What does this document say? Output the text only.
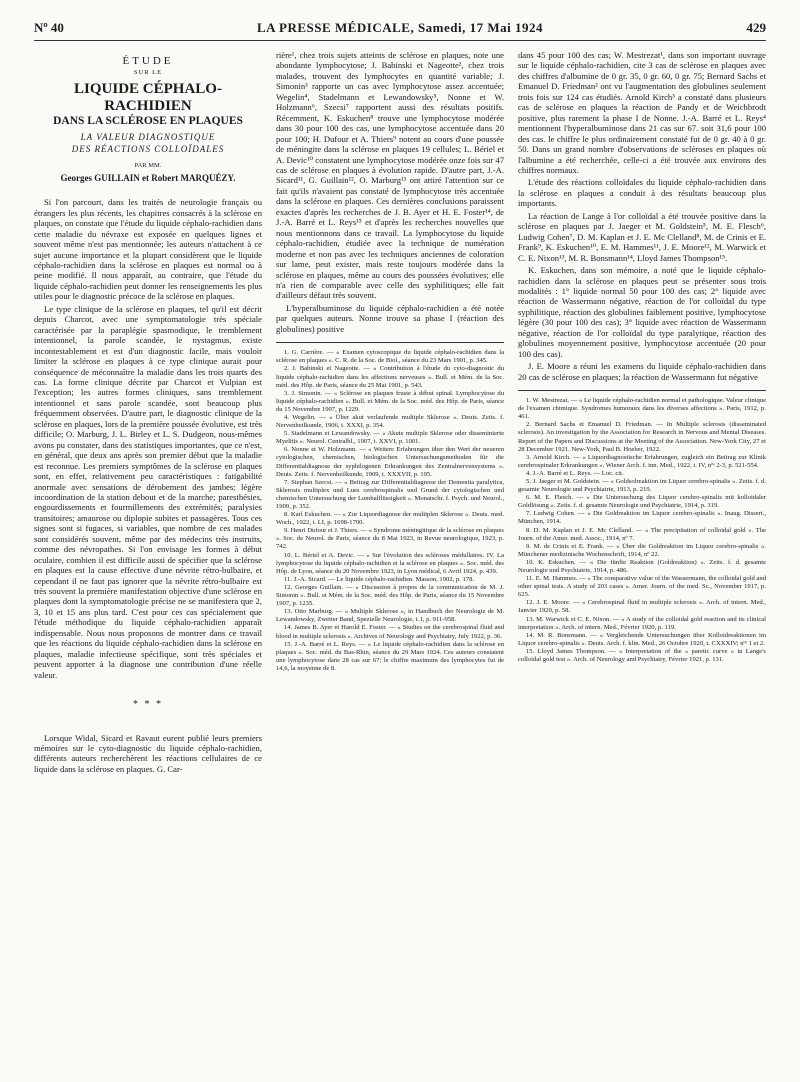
Nº 40	LA PRESSE MÉDICALE, Samedi, 17 Mai 1924	429
ÉTUDE
SUR LE
LIQUIDE CÉPHALO-RACHIDIEN
DANS LA SCLÉROSE EN PLAQUES
LA VALEUR DIAGNOSTIQUE
DES RÉACTIONS COLLOÏDALES
PAR MM.
Georges GUILLAIN et Robert MARQUÉZY.

Si l'on parcourt, dans les traités de neurologie français ou étrangers les plus récents, les chapitres consacrés à la sclérose en plaques, on constate que l'étude du liquide céphalo-rachidien dans cette maladie du névraxe est exposée en quelques lignes et souvent même n'est pas mentionnée; les auteurs n'attachent à ce sujet aucune importance et la plupart considèrent que le liquide céphalo-rachidien dans la sclérose en plaques est normal ou à peine modifié. Il nous apparaît, au contraire, que l'étude du liquide céphalo-rachidien peut donner les renseignements les plus utiles pour le diagnostic précoce de la sclérose en plaques.

Le type clinique de la sclérose en plaques, tel qu'il est décrit depuis Charcot, avec une symptomatologie très spéciale caractérisée par la paraplégie spasmodique, le tremblement intentionnel, la parole scandée, le nystagmus, existe incontestablement et est d'un diagnostic facile, mais vouloir limiter la sclérose en plaques à ce type clinique aurait pour conséquence de méconnaître la maladie dans les trois quarts des cas. La forme clinique décrite par Charcot et Vulpian est l'exception; les autres formes cliniques, sans tremblement intentionnel et sans parole scandée, sont beaucoup plus fréquemment observées. D'autre part, le diagnostic clinique de la sclérose en plaques, lors de la première poussée évolutive, est très difficile; O. Marburg, J. L. Birley et L. S. Dudgeon, nous-mêmes avons pu constater, dans des statistiques importantes, que ce n'est, en général, que deux ans après son premier début que la maladie est reconnue. Les premiers symptômes de la sclérose en plaques sont, en effet, relativement peu caractéristiques : fatigabilité anormale avec sensations de dérobement des jambes; légère incoordination de la station debout et de la marche; paresthésies, engourdissements et fourmillements des extrémités; paralysies transitoires; amaurose ou diplopie subites et passagères. Tous ces signes sont si fugaces, si variables, que nombre de ces malades sont considérés souvent, même par des médecins très instruits, comme des névropathes. Si l'on envisage les formes à début oculaire, combien il est difficile aussi de spécifier que la sclérose en plaques est la cause effective d'une névrite rétro-bulbaire, et cependant il ne faut pas ignorer que la névrite rétro-bulbaire est très souvent la première manifestation objective d'une sclérose en plaques dont la symptomatologie précise ne se manifestera que 2, 3, 10 et 15 ans plus tard. C'est pour ces cas spécialement que l'étude méthodique du liquide céphalo-rachidien apparaît indispensable. Nous nous proposons de montrer dans ce travail que les réactions du liquide céphalo-rachidien dans la sclérose en plaques, maladie infectieuse spécifique, sont très spéciales et peuvent apporter à la diagnose une contribution d'une réelle valeur.

* * *

Lorsque Widal, Sicard et Ravaut eurent publié leurs premiers mémoires sur le cyto-diagnostic du liquide céphalo-rachidien, différents auteurs recherchèrent les réactions cellulaires de ce liquide dans la sclérose en plaques. G. Car-

rière¹, chez trois sujets atteints de sclérose en plaques, note une abondante lymphocytose; J. Babinski et Nageotte², chez trois malades, trouvent des lymphocytes en quantité variable; J. Simonin³ rapporte un cas avec lymphocytose assez accentuée; Wegelin⁴, Stadelmann et Lewandowsky⁵, Nonne et W. Holzmann⁶, Szecsi⁷ rapportent aussi des résultats positifs. Récemment, K. Eskuchen⁸ trouve une lymphocytose modérée dans 30 pour 100 des cas, une lymphocytose accentuée dans 20 pour 100; H. Dufour et A. Thiers⁹ notent au cours d'une poussée de méningite dans la sclérose en plaques 19 cellules; L. Bériel et A. Devic¹⁰ constatent une lymphocytose modérée onze fois sur 47 cas de sclérose en plaques à évolution rapide. D'autre part, J.-A. Sicard¹¹, G. Guillain¹², O. Marburg¹³ ont attiré l'attention sur ce fait qu'ils n'avaient pas constaté de lymphocytose très accentuée dans la sclérose en plaques. Ces dernières conclusions paraissent exactes d'après les recherches de J. B. Ayer et H. E. Foster¹⁴, de J.-A. Barré et L. Reys¹⁵ et d'après les recherches nouvelles que nous mentionnons dans ce travail. La lymphocytose du liquide céphalo-rachidien, étudiée avec la technique de numération moderne et non pas avec les techniques anciennes de coloration sur lame, peut exister, mais reste toujours modérée dans la sclérose en plaques, même au cours des poussées évolutives; elle n'a rien de comparable avec celle des syphilitiques; elle fait d'ailleurs défaut très souvent.

L'hyperalbuminose du liquide céphalo-rachidien a été notée par quelques auteurs. Nonne trouve sa phase I (réaction des globulines) positive

1. G. Carrière. — « Examen cytoscopique du liquide céphalo-rachidien dans la sclérose en plaques ». C. R. de la Soc. de Biol., séance du 23 Mars 1901, p. 345.
2. J. Babinski et Nageotte. — « Contribution à l'étude du cyto-diagnostic du liquide céphalo-rachidien dans les affections nerveuses ». Bull. et Mém. de la Soc. méd. des Hôp. de Paris, séance du 25 Mai 1901, p. 543.
3. J. Simonin. — « Sclérose en plaques fruste à début spinal. Lymphocytose du liquide céphalo-rachidien ». Bull. et Mém. de la Soc. méd. des Hôp. de Paris, séance du 15 Novembre 1907, p. 1229.
4. Wegelin. — « Über akut verlaufende multiple Sklerose ». Deuts. Zeits. f. Nervenheilkunde, 1906, t. XXXI, p. 354.
5. Stadelmann et Lewandowsky. — « Akute multiple Sklerose oder disseminierte Myelitis ». Neurol. Centralbl., 1907, t. XXVI, p. 1001.
6. Nonne et W. Holzmann. — « Weitere Erfahrungen über den Wert der neueren cytologischen, chemischen, biologischen Untersuchungsmethoden für die Differentialdiagnose der syphilogenen Erkrankungen des Zentralnervensystems ». Deuts. Zeits. f. Nervenheilkunde, 1909, t. XXXVII, p. 195.
7. Stephan Szecsi. — « Beitrag zur Differentialdiagnose der Dementia paralytica, Sklerosis multiplex und Lues cerebrospinalis und Grund der cytologischen und chemischen Untersuchung der Lumbalflüssigkeit ». Monatschr. f. Psych. und Neurol., 1909, p. 352.
8. Karl Eskuchen. — « Zur Liquordiagnose der multiplen Sklerose ». Deuts. med. Woch., 1922, t. LI, p. 1698-1700.
9. Henri Dufour et J. Thiers. — « Syndrome méningitique de la sclérose en plaques ». Soc. de Neurol. de Paris, séance du 8 Mai 1923, in Revue neurologique, 1923, p. 742.
10. L. Bériel et A. Devic. — « Sur l'évolution des scléroses médullaires. IV. La lymphocytose du liquide céphalo-rachidien et la sclérose en plaques ». Soc. méd. des Hôp. de Lyon, séance du 20 Novembre 1923, in Lyon médical, 6 Avril 1924, p. 439.
11. J.-A. Sicard. — Le liquide céphalo-rachidien. Masson, 1902, p. 178.
12. Georges Guillain. — « Discussion à propos de la communication de M. J. Simonin ». Bull. et Mém. de la Soc. méd. des Hôp. de Paris, séance du 15 Novembre 1907, p. 1235.
13. Otto Marburg. — « Multiple Sklerose », in Handbuch der Neurologie de M. Lewandowsky, Zweiter Band, Spezielle Neurologie, t. I, p. 911-958.
14. James B. Ayer et Harold E. Foster. — « Studies on the cerebrospinal fluid and blood in multiple sclerosis ». Archives of Neurology and Psychiatry, July 1922, p. 36.
15. J.-A. Barré et L. Reys. — « Le liquide céphalo-rachidien dans la sclérose en plaques ». Soc. méd. du Bas-Rhin, séance du 29 Mars 1924. Ces auteurs constatent une lymphocytose dans 28 cas sur 67; le chiffre maximum des lymphocytes fut de 14,6, la moyenne de 8.

dans 45 pour 100 des cas; W. Mestrezat¹, dans son important ouvrage sur le liquide céphalo-rachidien, cite 3 cas de sclérose en plaques avec des chiffres d'albumine de 0 gr. 35, 0 gr. 60, 0 gr. 75; Bernard Sachs et Emanuel D. Friedman² ont vu l'augmentation des globulines seulement trois fois sur 124 cas étudiés. Arnold Kirch³ a constaté dans plusieurs cas de sclérose en plaques la réaction de Pandy et de Weichbrodt positive, plus rarement la phase I de Nonne. J.-A. Barré et L. Reys⁴ mentionnent l'hyperalbuminose dans 21 cas sur 67. soit 31,6 pour 100 des cas. le chiffre le plus ordinairement constaté fut de 0 gr. 40 à 0 gr. 50. Dans un grand nombre d'observations de scléroses en plaques où l'albumine a été recherchée, celle-ci a été trouvée aux environs des chiffres normaux.

L'étude des réactions colloïdales du liquide céphalo-rachidien dans la sclérose en plaques a conduit à des résultats beaucoup plus importants.

La réaction de Lange à l'or colloïdal a été trouvée positive dans la sclérose en plaques par J. Jaeger et M. Goldstein⁵, M. E. Flesch⁶, Ludwig Cohen⁷, D. M. Kaplan et J. E. Mc Clelland⁸, M. de Crinis et E. Frank⁹, K. Eskuchen¹⁰, E. M. Hammes¹¹, J. E. Moore¹², M. Warwick et C. E. Nixon¹³, M. R. Bonsmann¹⁴, Lloyd James Thompson¹⁵.

K. Eskuchen, dans son mémoire, a noté que le liquide céphalo-rachidien dans la sclérose en plaques peut se présenter sous trois modalités : 1° liquide normal 50 pour 100 des cas; 2° liquide avec réaction de Wassermann négative, réaction de l'or colloïdal du type syphilitique, réaction des globulines faiblement positive, lymphocytose légère (30 pour 100 des cas); 3° liquide avec réaction de Wassermann négative, réaction de l'or colloïdal du type paralytique, réaction des globulines moyennement positive, lymphocytose accentuée (20 pour 100 des cas).

J. E. Moore a réuni les examens du liquide céphalo-rachidien dans 20 cas de sclérose en plaques; la réaction de Wassermann fut négative

1. W. Mestrezat. — « Le liquide céphalo-rachidien normal et pathologique. Valeur clinique de l'examen chimique. Syndromes humoraux dans les diverses affections ». Paris, 1912, p. 461.
2. Bernard Sachs et Emanuel D. Friedman. — In Multiple sclerosis (disseminated sclerosis). An investigation by the Association for Research in Nervous and Mental Diseases. Report of the Papers and Discussions at the Meeting of the Association. New-York City, 27 et 28 December 1921. New-York, Paul B. Hoeber, 1922.
3. Arnold Kirch. — « Liquordiagnostische Erfahrungen, zugleich ein Beitrag zur Klinik cerebrospinaler Erkrankungen ». Wiener Arch. f. inn. Med., 1922, t. IV, nºˢ 2-3, p. 521-554.
4. J.-A. Barré et L. Reys. — Loc. cit.
5. J. Jaeger et M. Goldstein. — « Goldsolreaktion im Liquor cerebro-spinalis ». Zeits. f. d. gesamte Neurologie und Psychiatrie, 1913, p. 219.
6. M. E. Flesch. — « Die Untersuchung des Liquor cerebro-spinalis mit kolloidaler Goldlösung ». Zeits. f. d. gesamte Neurologie und Psychiatrie, 1914, p. 319.
7. Ludwig Cohen. — « Die Goldreaktion im Liquor cerebro-spinalis ». Inaug. Dissert., München, 1914.
8. D. M. Kaplan et J. E. Mc Clelland. — « The precipitation of colloidal gold ». The Journ. of the Amer. med. Assoc., 1914, nº 7.
9. M. de Crinis et E. Frank. — « Über die Goldreaktion im Liquor cerebro-spinalis ». Münchener medizinische Wochenschrift, 1914, nº 22.
10. K. Eskuchen. — « Die fünfte Reaktion (Goldreaktion) ». Zeits. f. d. gesamte Neurologie und Psychiatrie, 1914, p. 486.
11. E. M. Hammes. — « The comparative value of the Wassermann, the colloidal gold and other spinal tests. A study of 203 cases ». Amer. Journ. of the med. Sc., November 1917, p. 625.
12. J. E. Moore. — « Cerebrospinal fluid in multiple sclerosis ». Arch. of intern. Med., Janvier 1920, p. 58.
13. M. Warwick et C. E. Nixon. — « A study of the colloidal gold reaction and its clinical interpretation ». Arch. of intern. Med., Février 1920, p. 119.
14. M. R. Bonsmann. — « Vergleichende Untersuchungen über Kolloidreaktionen im Liquor cerebro-spinalis ». Deuts. Arch. f. klin. Med., 26 Octobre 1920, t. CXXXIV; nºˢ 1 et 2.
15. Lloyd James Thompson. — « Interpretation of the « paretic curve » in Lange's colloidal gold test ». Arch. of Neurology and Psychiatry, Février 1921, p. 131.
